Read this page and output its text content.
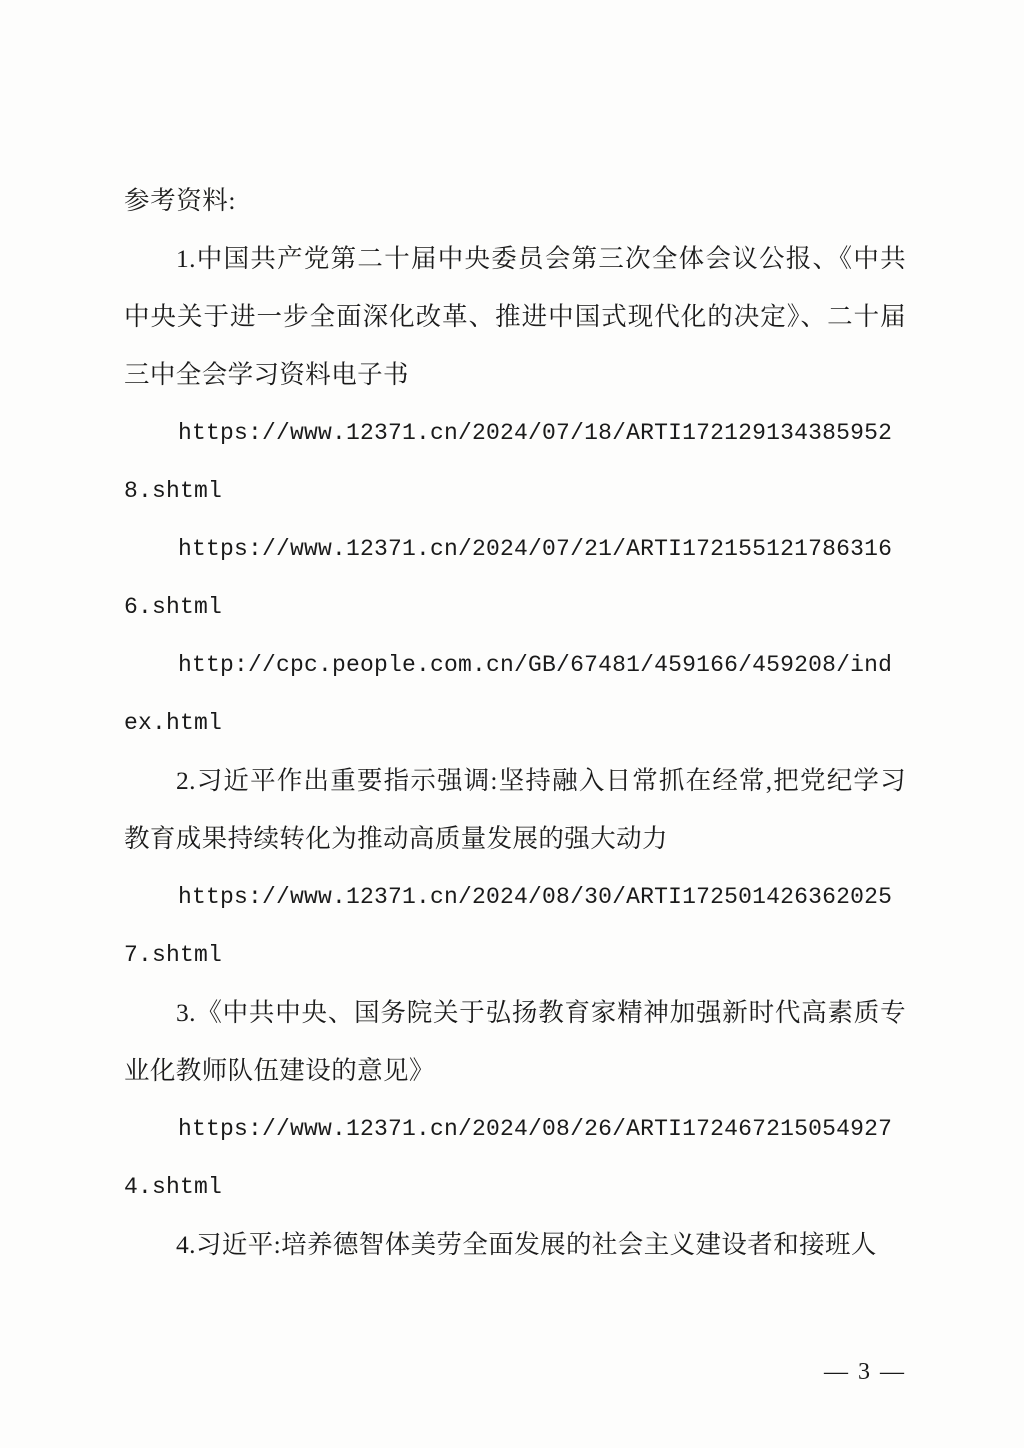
参考资料:

1.中国共产党第二十届中央委员会第三次全体会议公报、《中共中央关于进一步全面深化改革、推进中国式现代化的决定》、二十届三中全会学习资料电子书

https://www.12371.cn/2024/07/18/ARTI1721291343859528.shtml

https://www.12371.cn/2024/07/21/ARTI1721551217863166.shtml

http://cpc.people.com.cn/GB/67481/459166/459208/index.html

2.习近平作出重要指示强调:坚持融入日常抓在经常,把党纪学习教育成果持续转化为推动高质量发展的强大动力

https://www.12371.cn/2024/08/30/ARTI1725014263620257.shtml

3.《中共中央、国务院关于弘扬教育家精神加强新时代高素质专业化教师队伍建设的意见》

https://www.12371.cn/2024/08/26/ARTI1724672150549274.shtml

4.习近平:培养德智体美劳全面发展的社会主义建设者和接班人

— 3 —
